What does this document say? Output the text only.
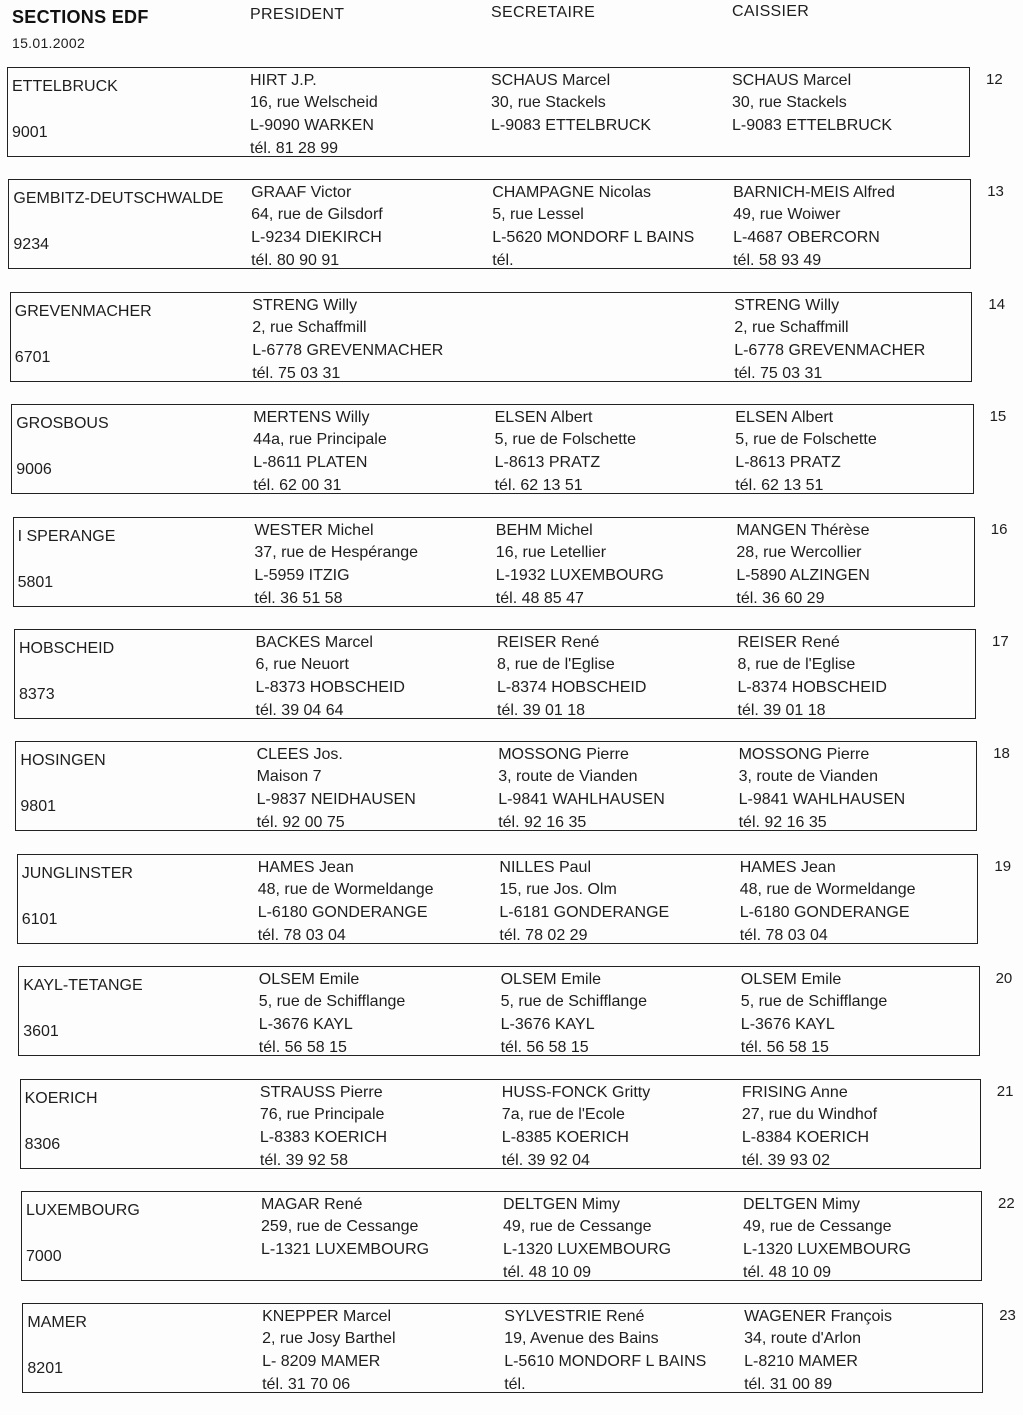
SECTIONS EDF
15.01.2002
PRESIDENT	SECRETAIRE	CAISSIER
ETTELBRUCK
9001
12
HIRT J.P.
16, rue Welscheid
L-9090 WARKEN
tél. 81 28 99
SCHAUS Marcel
30, rue Stackels
L-9083 ETTELBRUCK
SCHAUS Marcel
30, rue Stackels
L-9083 ETTELBRUCK
GEMBITZ-DEUTSCHWALDE
9234
13
GRAAF Victor
64, rue de Gilsdorf
L-9234 DIEKIRCH
tél. 80 90 91
CHAMPAGNE Nicolas
5, rue Lessel
L-5620 MONDORF L BAINS
tél.
BARNICH-MEIS Alfred
49, rue Woiwer
L-4687 OBERCORN
tél. 58 93 49
GREVENMACHER
6701
14
STRENG Willy
2, rue Schaffmill
L-6778 GREVENMACHER
tél. 75 03 31
STRENG Willy
2, rue Schaffmill
L-6778 GREVENMACHER
tél. 75 03 31
GROSBOUS
9006
15
MERTENS Willy
44a, rue Principale
L-8611 PLATEN
tél. 62 00 31
ELSEN Albert
5, rue de Folschette
L-8613 PRATZ
tél. 62 13 51
ELSEN Albert
5, rue de Folschette
L-8613 PRATZ
tél. 62 13 51
I SPERANGE
5801
16
WESTER Michel
37, rue de Hespérange
L-5959 ITZIG
tél. 36 51 58
BEHM Michel
16, rue Letellier
L-1932 LUXEMBOURG
tél. 48 85 47
MANGEN Thérèse
28, rue Wercollier
L-5890 ALZINGEN
tél. 36 60 29
HOBSCHEID
8373
17
BACKES Marcel
6, rue Neuort
L-8373 HOBSCHEID
tél. 39 04 64
REISER René
8, rue de l'Eglise
L-8374 HOBSCHEID
tél. 39 01 18
REISER René
8, rue de l'Eglise
L-8374 HOBSCHEID
tél. 39 01 18
HOSINGEN
9801
18
CLEES Jos.
Maison 7
L-9837 NEIDHAUSEN
tél. 92 00 75
MOSSONG Pierre
3, route de Vianden
L-9841 WAHLHAUSEN
tél. 92 16 35
MOSSONG Pierre
3, route de Vianden
L-9841 WAHLHAUSEN
tél. 92 16 35
JUNGLINSTER
6101
19
HAMES Jean
48, rue de Wormeldange
L-6180 GONDERANGE
tél. 78 03 04
NILLES Paul
15, rue Jos. Olm
L-6181 GONDERANGE
tél. 78 02 29
HAMES Jean
48, rue de Wormeldange
L-6180 GONDERANGE
tél. 78 03 04
KAYL-TETANGE
3601
20
OLSEM Emile
5, rue de Schifflange
L-3676 KAYL
tél. 56 58 15
OLSEM Emile
5, rue de Schifflange
L-3676 KAYL
tél. 56 58 15
OLSEM Emile
5, rue de Schifflange
L-3676 KAYL
tél. 56 58 15
KOERICH
8306
21
STRAUSS Pierre
76, rue Principale
L-8383 KOERICH
tél. 39 92 58
HUSS-FONCK Gritty
7a, rue de l'Ecole
L-8385 KOERICH
tél. 39 92 04
FRISING Anne
27, rue du Windhof
L-8384 KOERICH
tél. 39 93 02
LUXEMBOURG
7000
22
MAGAR René
259, rue de Cessange
L-1321 LUXEMBOURG
DELTGEN Mimy
49, rue de Cessange
L-1320 LUXEMBOURG
tél. 48 10 09
DELTGEN Mimy
49, rue de Cessange
L-1320 LUXEMBOURG
tél. 48 10 09
MAMER
8201
23
KNEPPER Marcel
2, rue Josy Barthel
L- 8209 MAMER
tél. 31 70 06
SYLVESTRIE René
19, Avenue des Bains
L-5610 MONDORF L BAINS
tél.
WAGENER François
34, route d'Arlon
L-8210 MAMER
tél. 31 00 89
